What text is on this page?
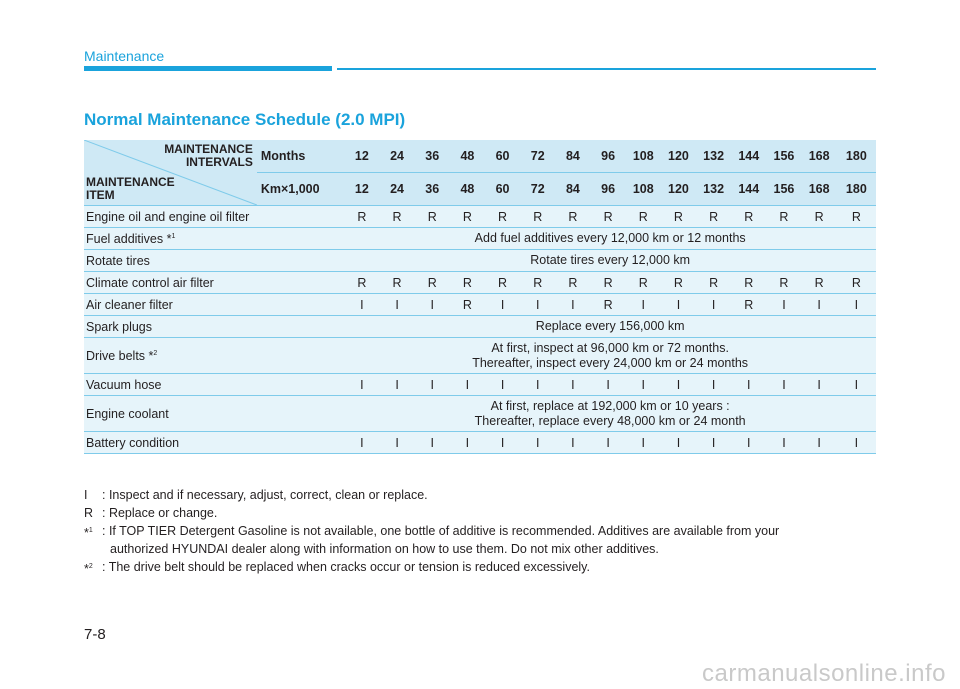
Maintenance
Normal Maintenance Schedule (2.0 MPI)
MAINTENANCE INTERVALS
MAINTENANCE ITEM	Months	12	24	36	48	60	72	84	96	108	120	132	144	156	168	180
	Km×1,000	12	24	36	48	60	72	84	96	108	120	132	144	156	168	180
Engine oil and engine oil filter		R	R	R	R	R	R	R	R	R	R	R	R	R	R	R
Fuel additives *$^1$		Add fuel additives every 12,000 km or 12 months														

Rotate tires		Rotate tires every 12,000 km														

Climate control air filter		R	R	R	R	R	R	R	R	R	R	R	R	R	R	R
Air cleaner filter		I	I	I	R	I	I	I	R	I	I	I	R	I	I	I
Spark plugs		Replace every 156,000 km														

Drive belts *$^2$		At first, inspect at 96,000 km or 72 months.
Thereafter, inspect every 24,000 km or 24 months														

Vacuum hose		I	I	I	I	I	I	I	I	I	I	I	I	I	I	I
Engine coolant		At first, replace at 192,000 km or 10 years :
Thereafter, replace every 48,000 km or 24 month														

Battery condition		I	I	I	I	I	I	I	I	I	I	I	I	I	I	I
I : Inspect and if necessary, adjust, correct, clean or replace.
R : Replace or change.
*$^1$ : If TOP TIER Detergent Gasoline is not available, one bottle of additive is recommended. Additives are available from your
authorized HYUNDAI dealer along with information on how to use them. Do not mix other additives.
*$^2$ : The drive belt should be replaced when cracks occur or tension is reduced excessively.
7-8
carmanualsonline.info
